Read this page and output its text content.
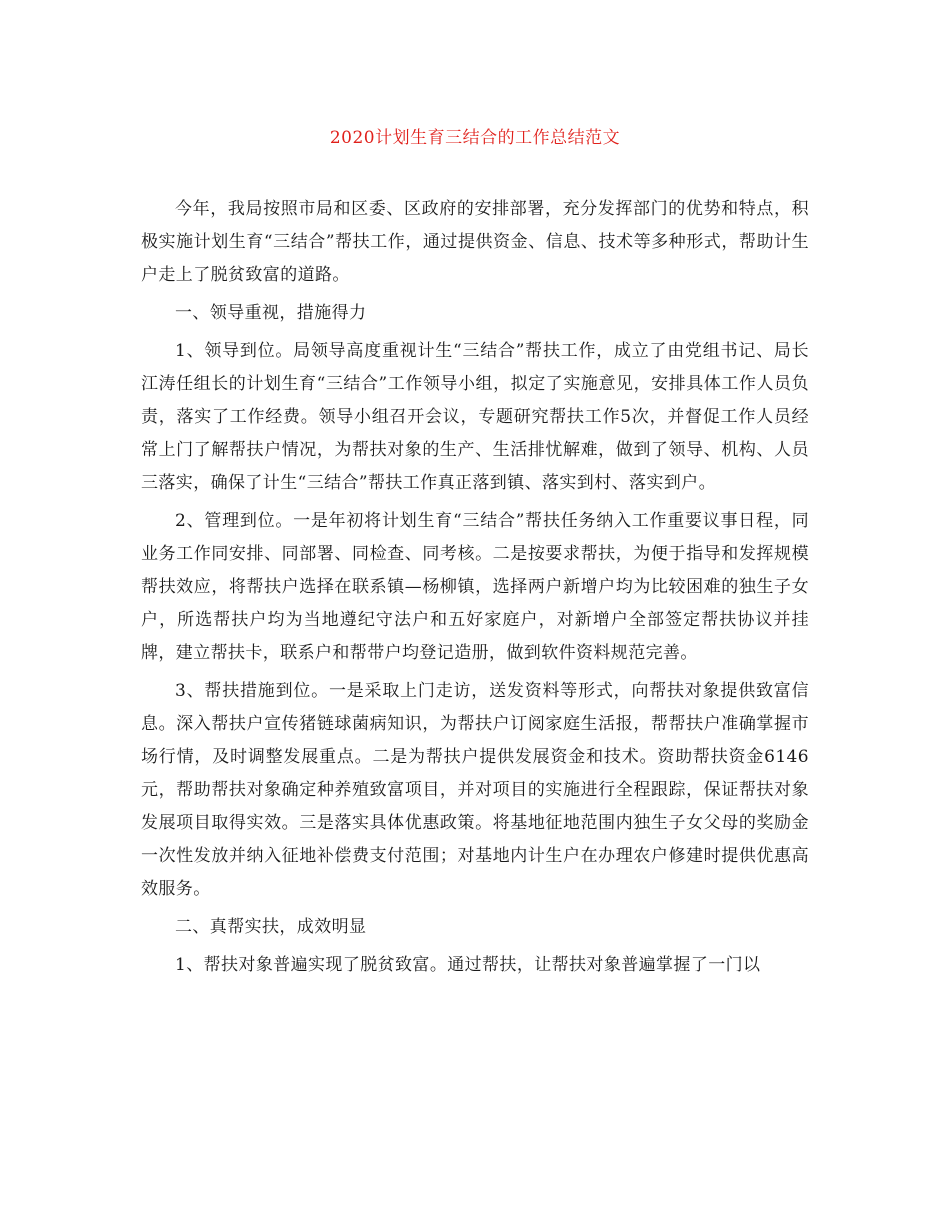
2020计划生育三结合的工作总结范文

今年，我局按照市局和区委、区政府的安排部署，充分发挥部门的优势和特点，积极实施计划生育“三结合”帮扶工作，通过提供资金、信息、技术等多种形式，帮助计生户走上了脱贫致富的道路。

一、领导重视，措施得力

1、领导到位。局领导高度重视计生“三结合”帮扶工作，成立了由党组书记、局长江涛任组长的计划生育“三结合”工作领导小组，拟定了实施意见，安排具体工作人员负责，落实了工作经费。领导小组召开会议，专题研究帮扶工作5次，并督促工作人员经常上门了解帮扶户情况，为帮扶对象的生产、生活排忧解难，做到了领导、机构、人员三落实，确保了计生“三结合”帮扶工作真正落到镇、落实到村、落实到户。

2、管理到位。一是年初将计划生育“三结合”帮扶任务纳入工作重要议事日程，同业务工作同安排、同部署、同检查、同考核。二是按要求帮扶，为便于指导和发挥规模帮扶效应，将帮扶户选择在联系镇—杨柳镇，选择两户新增户均为比较困难的独生子女户，所选帮扶户均为当地遵纪守法户和五好家庭户，对新增户全部签定帮扶协议并挂牌，建立帮扶卡，联系户和帮带户均登记造册，做到软件资料规范完善。

3、帮扶措施到位。一是采取上门走访，送发资料等形式，向帮扶对象提供致富信息。深入帮扶户宣传猪链球菌病知识，为帮扶户订阅家庭生活报，帮帮扶户准确掌握市场行情，及时调整发展重点。二是为帮扶户提供发展资金和技术。资助帮扶资金6146元，帮助帮扶对象确定种养殖致富项目，并对项目的实施进行全程跟踪，保证帮扶对象发展项目取得实效。三是落实具体优惠政策。将基地征地范围内独生子女父母的奖励金一次性发放并纳入征地补偿费支付范围；对基地内计生户在办理农户修建时提供优惠高效服务。

二、真帮实扶，成效明显

1、帮扶对象普遍实现了脱贫致富。通过帮扶，让帮扶对象普遍掌握了一门以
